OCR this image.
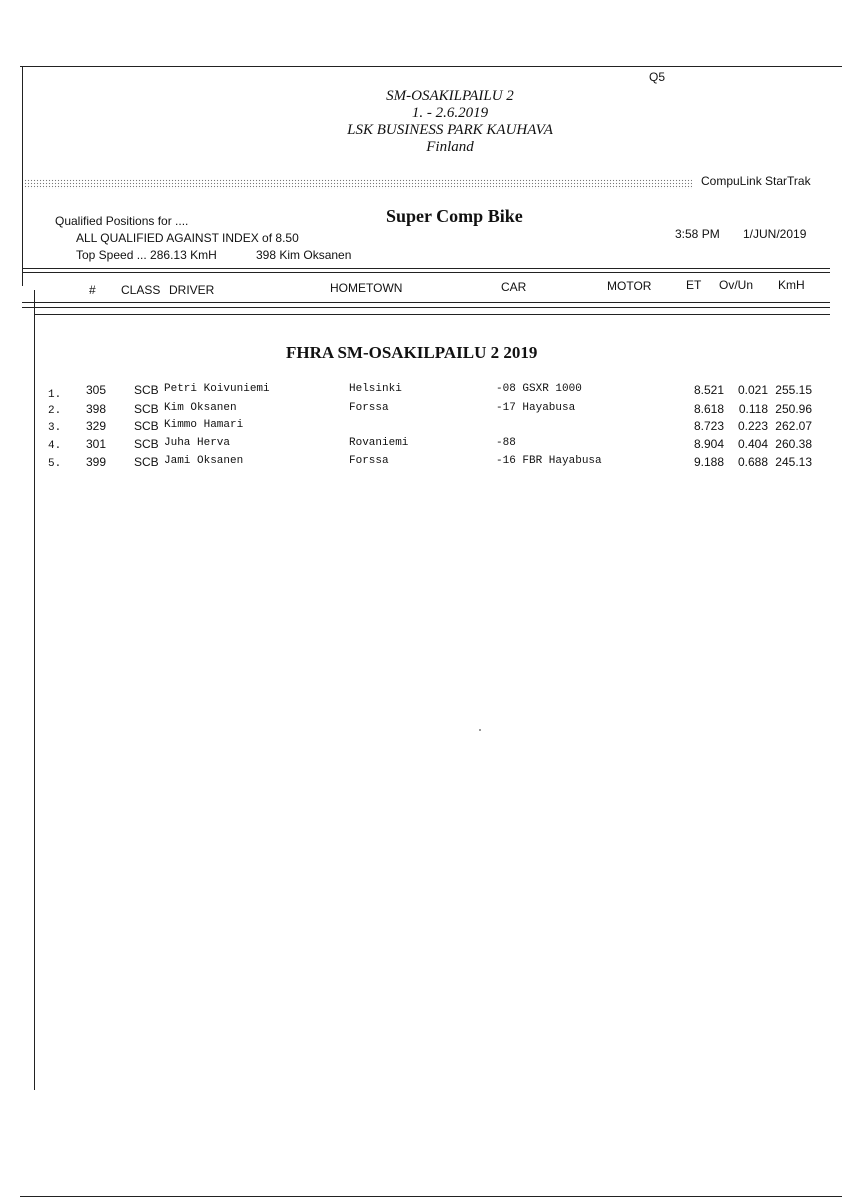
Q5
SM-OSAKILPAILU 2
1. - 2.6.2019
LSK BUSINESS PARK KAUHAVA
Finland
CompuLink StarTrak
Qualified Positions for ....
ALL QUALIFIED AGAINST INDEX of 8.50
Top Speed ... 286.13 KmH	398 Kim Oksanen
Super Comp Bike
3:58 PM 1/JUN/2019
# CLASS DRIVER	HOMETOWN	CAR	MOTOR	ET Ov/Un KmH
FHRA SM-OSAKILPAILU 2 2019
1. 305 SCB Petri Koivuniemi	Helsinki	-08 GSXR 1000	8.521 0.021 255.15
2. 398 SCB Kim Oksanen	Forssa	-17 Hayabusa	8.618 0.118 250.96
3. 329 SCB Kimmo Hamari	8.723 0.223 262.07
4. 301 SCB Juha Herva	Rovaniemi	-88	8.904 0.404 260.38
5. 399 SCB Jami Oksanen	Forssa	-16 FBR Hayabusa	9.188 0.688 245.13
